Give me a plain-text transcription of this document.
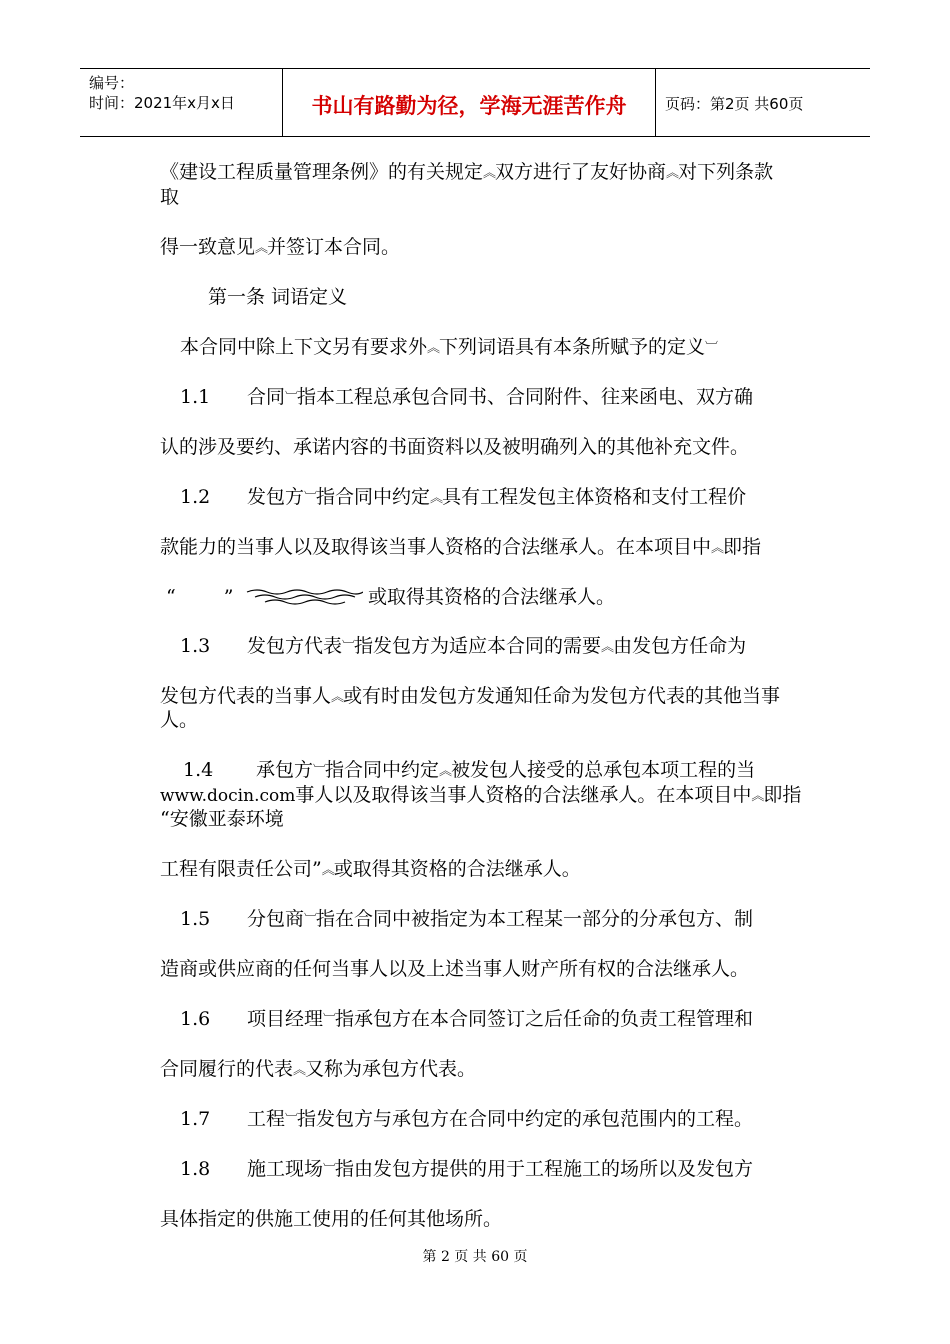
编号：
时间：2021年x月x日	书山有路勤为径，学海无涯苦作舟	页码：第2页 共60页
《建设工程质量管理条例》的有关规定︽双方进行了友好协商︽对下列条款
取
得一致意见︽并签订本合同。
第一条 词语定义
本合同中除上下文另有要求外︽下列词语具有本条所赋予的定义︺
1.1 合同︺指本工程总承包合同书、合同附件、往来函电、双方确
认的涉及要约、承诺内容的书面资料以及被明确列入的其他补充文件。
1.2 发包方︺指合同中约定︽具有工程发包主体资格和支付工程价
款能力的当事人以及取得该当事人资格的合法继承人。在本项目中︽即指
“	”	或取得其资格的合法继承人。
1.3 发包方代表︺指发包方为适应本合同的需要︽由发包方任命为
发包方代表的当事人︽或有时由发包方发通知任命为发包方代表的其他当事
人。
1.4 承包方︺指合同中约定︽被发包人接受的总承包本项工程的当
www.docin.com事人以及取得该当事人资格的合法继承人。在本项目中︽即指
“安徽亚泰环境
工程有限责任公司”︽或取得其资格的合法继承人。
1.5 分包商︺指在合同中被指定为本工程某一部分的分承包方、制
造商或供应商的任何当事人以及上述当事人财产所有权的合法继承人。
1.6 项目经理︺指承包方在本合同签订之后任命的负责工程管理和
合同履行的代表︽又称为承包方代表。
1.7 工程︺指发包方与承包方在合同中约定的承包范围内的工程。
1.8 施工现场︺指由发包方提供的用于工程施工的场所以及发包方
具体指定的供施工使用的任何其他场所。
第 2 页 共 60 页
